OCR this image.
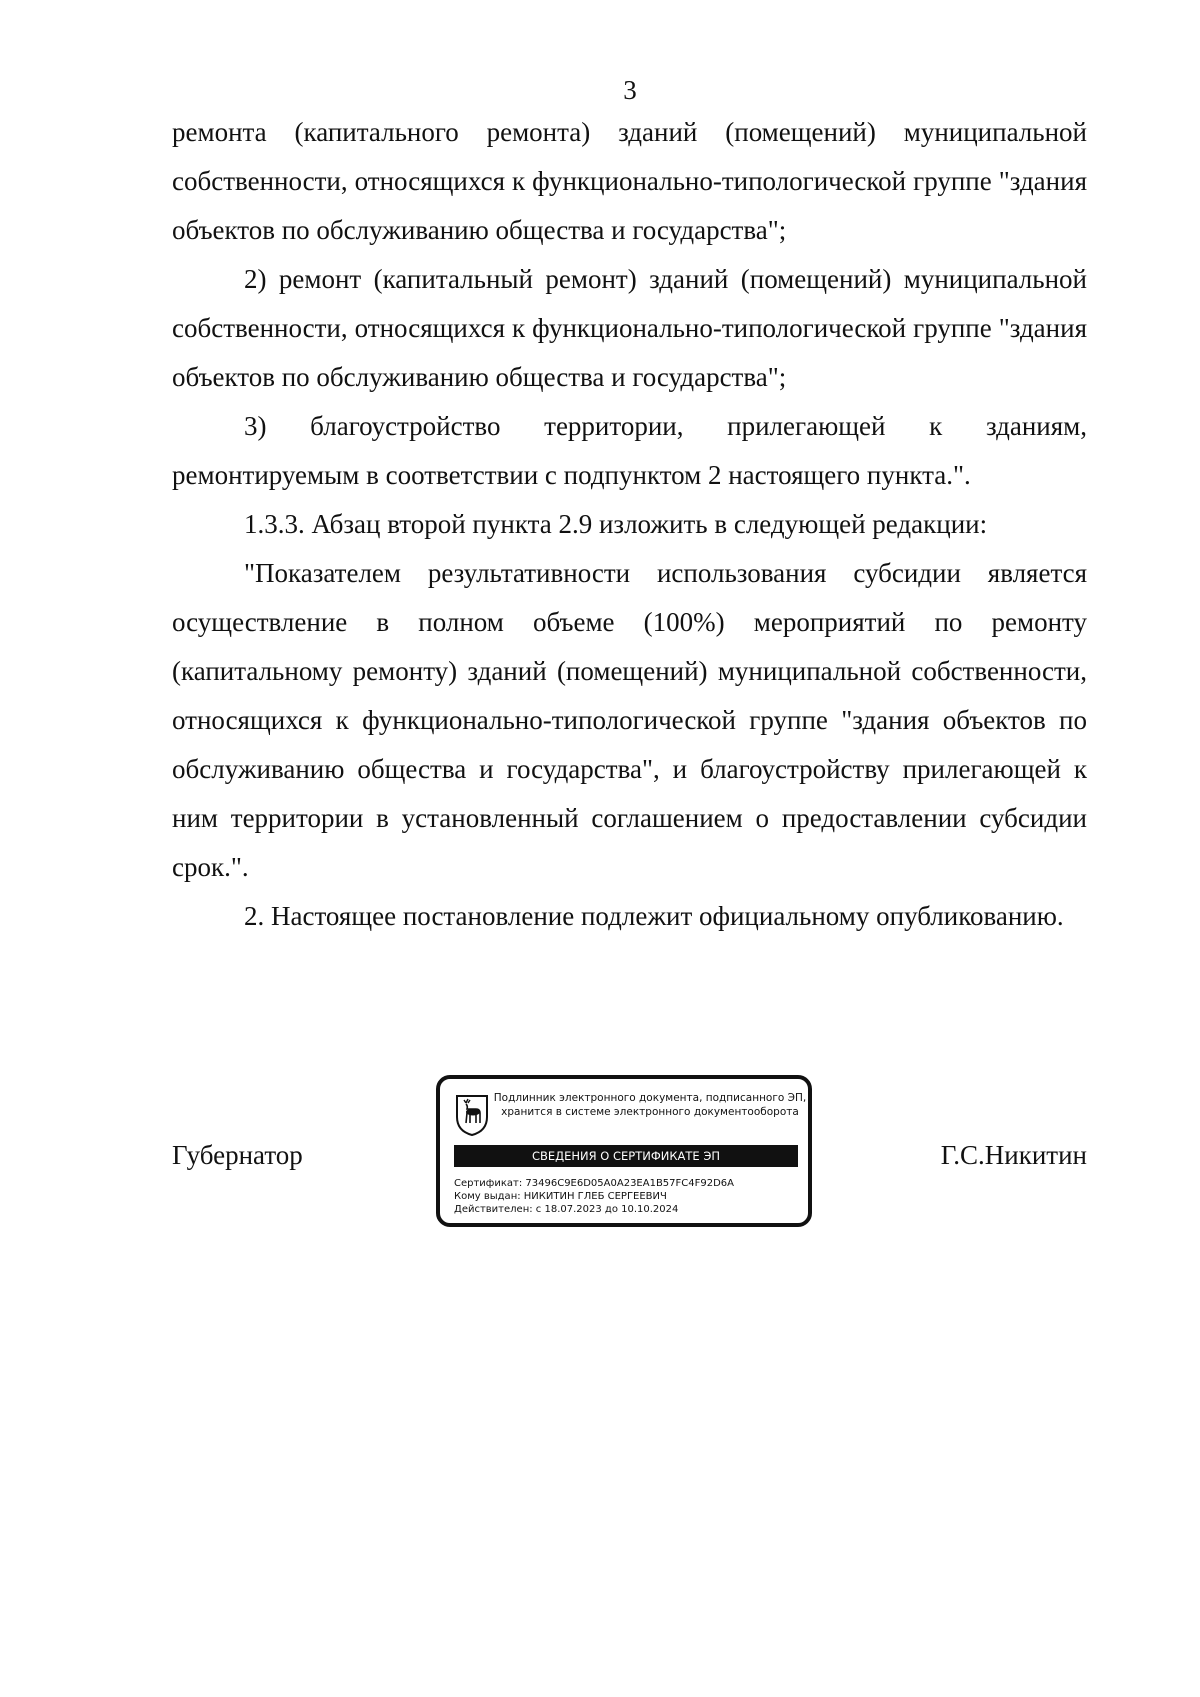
3

ремонта (капитального ремонта) зданий (помещений) муниципальной собственности, относящихся к функционально-типологической группе "здания объектов по обслуживанию общества и государства";

2) ремонт (капитальный ремонт) зданий (помещений) муниципальной собственности, относящихся к функционально-типологической группе "здания объектов по обслуживанию общества и государства";

3) благоустройство территории, прилегающей к зданиям, ремонтируемым в соответствии с подпунктом 2 настоящего пункта.".

1.3.3. Абзац второй пункта 2.9 изложить в следующей редакции:

"Показателем результативности использования субсидии является осуществление в полном объеме (100%) мероприятий по ремонту (капитальному ремонту) зданий (помещений) муниципальной собственности, относящихся к функционально-типологической группе "здания объектов по обслуживанию общества и государства", и благоустройству прилегающей к ним территории в установленный соглашением о предоставлении субсидии срок.".

2. Настоящее постановление подлежит официальному опубликованию.

Губернатор
Подлинник электронного документа, подписанного ЭП,
хранится в системе электронного документооборота
СВЕДЕНИЯ О СЕРТИФИКАТЕ ЭП
Сертификат: 73496C9E6D05A0A23EA1B57FC4F92D6A
Кому выдан: НИКИТИН ГЛЕБ СЕРГЕЕВИЧ
Действителен: с 18.07.2023 до 10.10.2024
Г.С.Никитин
